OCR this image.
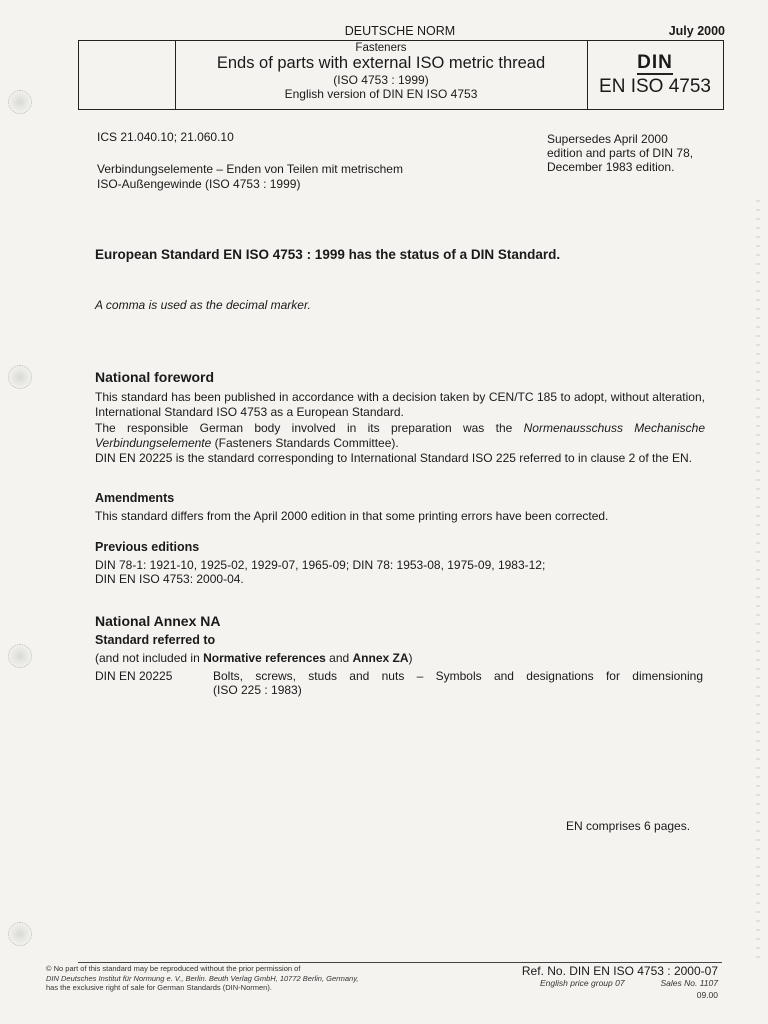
DEUTSCHE NORM	July 2000
Fasteners
Ends of parts with external ISO metric thread
(ISO 4753 : 1999)
English version of DIN EN ISO 4753
DIN
EN ISO 4753
ICS 21.040.10; 21.060.10
Verbindungselemente – Enden von Teilen mit metrischem
ISO-Außengewinde (ISO 4753 : 1999)
Supersedes April 2000
edition and parts of DIN 78,
December 1983 edition.
European Standard EN ISO 4753 : 1999 has the status of a DIN Standard.
A comma is used as the decimal marker.
National foreword
This standard has been published in accordance with a decision taken by CEN/TC 185 to adopt, without alteration, International Standard ISO 4753 as a European Standard.
The responsible German body involved in its preparation was the Normenausschuss Mechanische Verbindungselemente (Fasteners Standards Committee).
DIN EN 20225 is the standard corresponding to International Standard ISO 225 referred to in clause 2 of the EN.
Amendments
This standard differs from the April 2000 edition in that some printing errors have been corrected.
Previous editions
DIN 78-1: 1921-10, 1925-02, 1929-07, 1965-09; DIN 78: 1953-08, 1975-09, 1983-12;
DIN EN ISO 4753: 2000-04.
National Annex NA
Standard referred to
(and not included in Normative references and Annex ZA)
DIN EN 20225	Bolts, screws, studs and nuts – Symbols and designations for dimensioning
(ISO 225 : 1983)
EN comprises 6 pages.
© No part of this standard may be reproduced without the prior permission of
DIN Deutsches Institut für Normung e. V., Berlin. Beuth Verlag GmbH, 10772 Berlin, Germany,
has the exclusive right of sale for German Standards (DIN-Normen).
Ref. No. DIN EN ISO 4753 : 2000-07
English price group 07	Sales No. 1107
09.00
